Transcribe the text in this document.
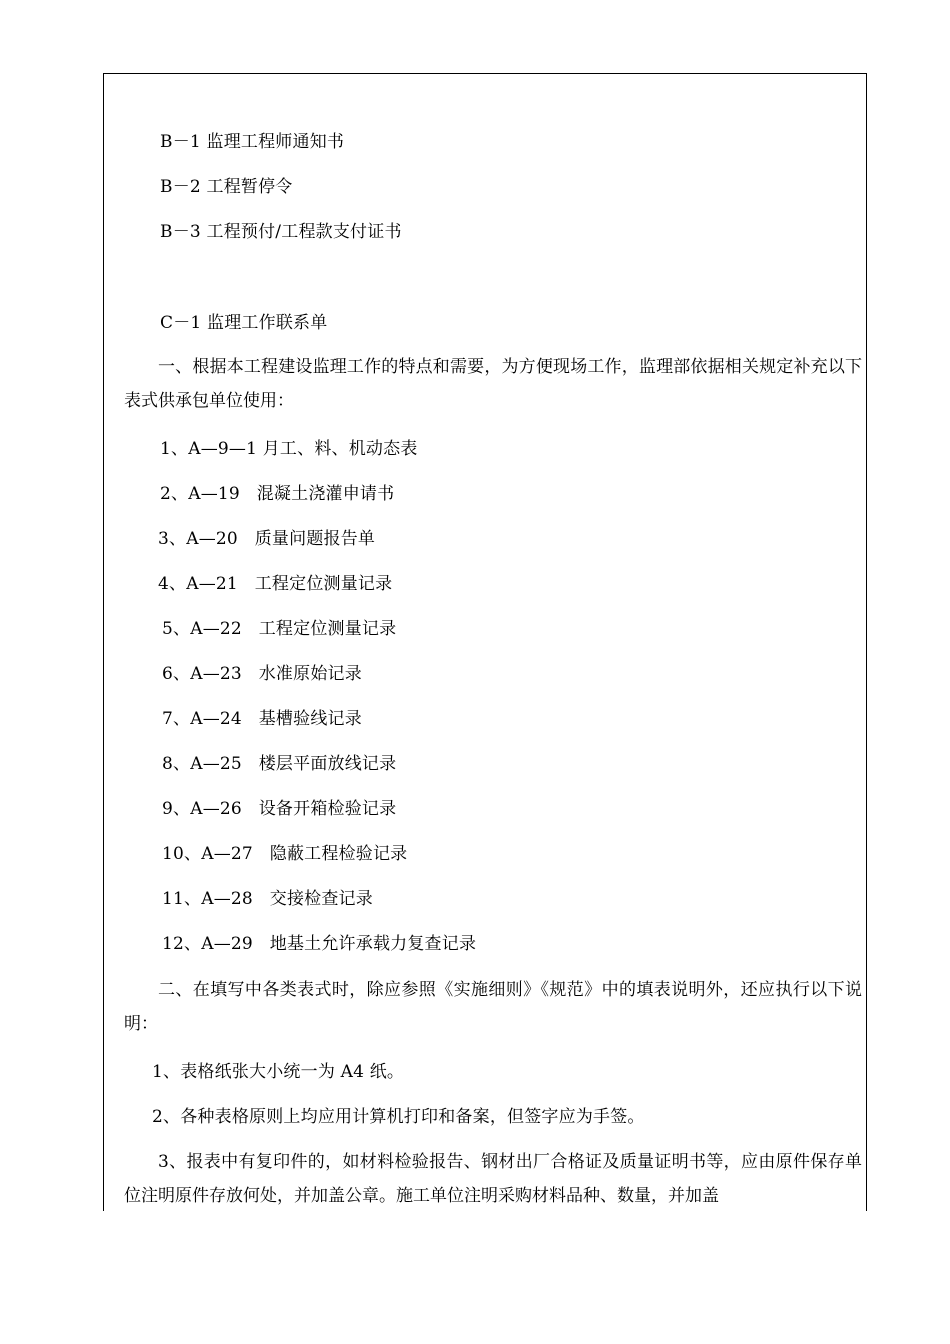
B－1 监理工程师通知书
B－2 工程暂停令
B－3 工程预付/工程款支付证书
C－1 监理工作联系单
一、根据本工程建设监理工作的特点和需要，为方便现场工作，监理部依据相关规定补充以下表式供承包单位使用：
1、A—9—1 月工、料、机动态表
2、A—19   混凝土浇灌申请书
3、A—20   质量问题报告单
4、A—21   工程定位测量记录
5、A—22   工程定位测量记录
6、A—23   水准原始记录
7、A—24   基槽验线记录
8、A—25   楼层平面放线记录
9、A—26   设备开箱检验记录
10、A—27   隐蔽工程检验记录
11、A—28   交接检查记录
12、A—29   地基土允许承载力复查记录
二、在填写中各类表式时，除应参照《实施细则》《规范》中的填表说明外，还应执行以下说明：
1、表格纸张大小统一为 A4 纸。
2、各种表格原则上均应用计算机打印和备案，但签字应为手签。
3、报表中有复印件的，如材料检验报告、钢材出厂合格证及质量证明书等，应由原件保存单位注明原件存放何处，并加盖公章。施工单位注明采购材料品种、数量，并加盖
